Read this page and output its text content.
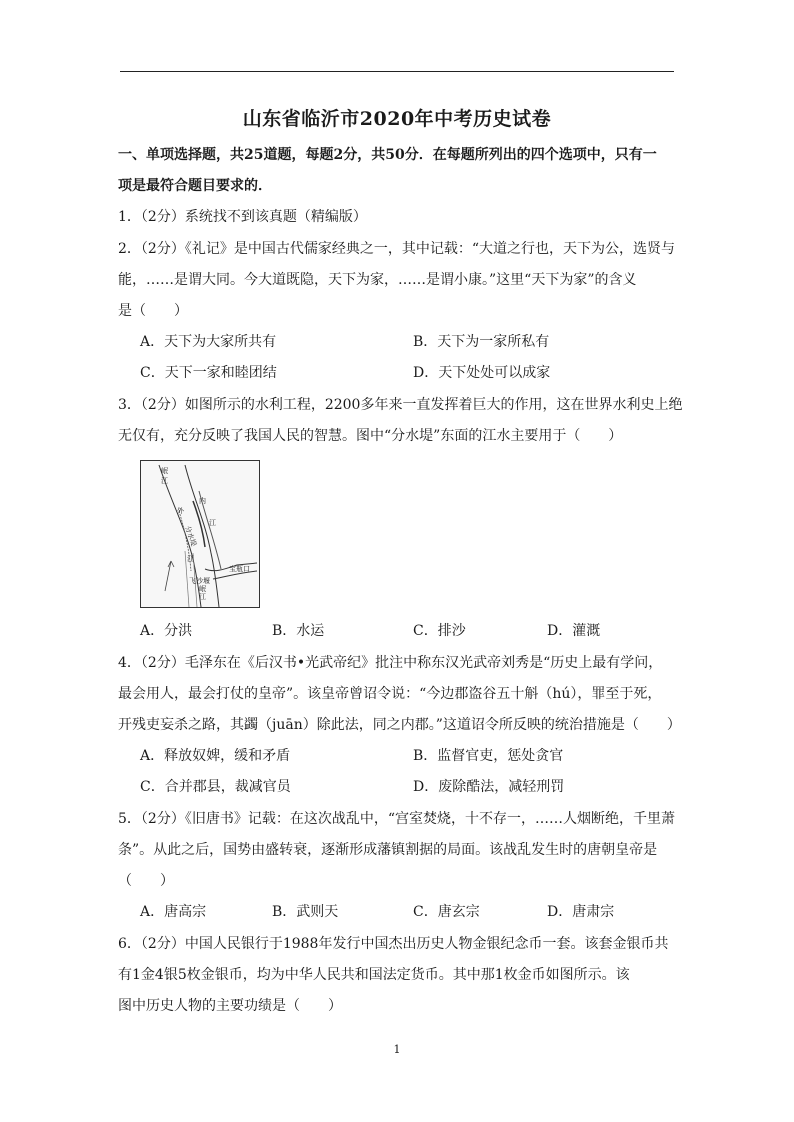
山东省临沂市2020年中考历史试卷
一、单项选择题，共25道题，每题2分，共50分．在每题所列出的四个选项中，只有一
项是最符合题目要求的．
1．（2分）系统找不到该真题（精编版）
2．（2分）《礼记》是中国古代儒家经典之一，其中记载：“大道之行也，天下为公，选贤与
能，……是谓大同。今大道既隐，天下为家，……是谓小康。”这里“天下为家”的含义
是（　　）
A．天下为大家所共有	B．天下为一家所私有
C．天下一家和睦团结	D．天下处处可以成家
3．（2分）如图所示的水利工程，2200多年来一直发挥着巨大的作用，这在世界水利史上绝
无仅有，充分反映了我国人民的智慧。图中“分水堤”东面的江水主要用于（　　）
岷
江
内
江
外
分水堤
江
宝瓶口
飞沙堰
岷
江
A．分洪	B．水运	C．排沙	D．灌溉
4．（2分）毛泽东在《后汉书•光武帝纪》批注中称东汉光武帝刘秀是“历史上最有学问，
最会用人，最会打仗的皇帝”。该皇帝曾诏令说：“今边郡盗谷五十斛（hú），罪至于死，
开残吏妄杀之路，其蠲（juān）除此法，同之内郡。”这道诏令所反映的统治措施是（　　）
A．释放奴婢，缓和矛盾	B．监督官吏，惩处贪官
C．合并郡县，裁减官员	D．废除酷法，减轻刑罚
5．（2分）《旧唐书》记载：在这次战乱中，“宫室焚烧，十不存一，……人烟断绝，千里萧
条”。从此之后，国势由盛转衰，逐渐形成藩镇割据的局面。该战乱发生时的唐朝皇帝是
（　　）
A．唐高宗	B．武则天	C．唐玄宗	D．唐肃宗
6．（2分）中国人民银行于1988年发行中国杰出历史人物金银纪念币一套。该套金银币共
有1金4银5枚金银币，均为中华人民共和国法定货币。其中那1枚金币如图所示。该
图中历史人物的主要功绩是（　　）
1
